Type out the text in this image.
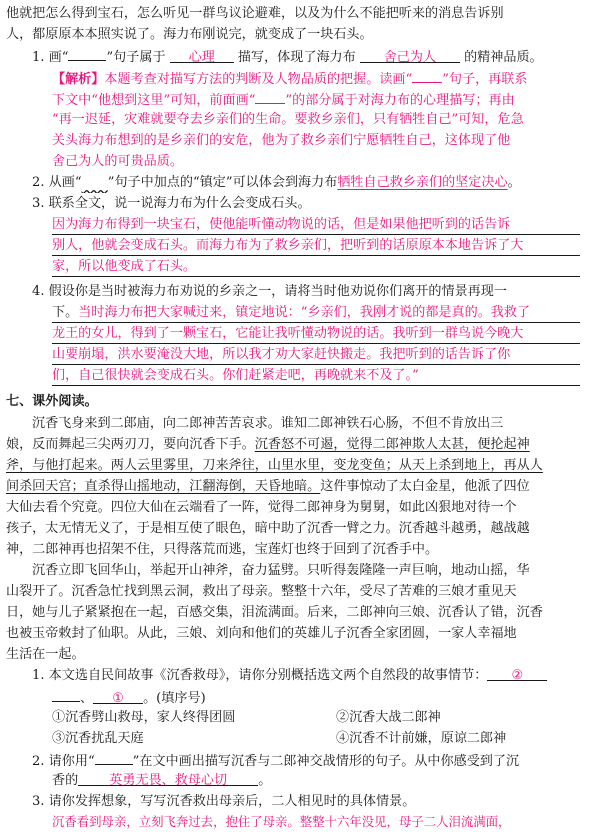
他就把怎么得到宝石，怎么听见一群鸟议论避难，以及为什么不能把听来的消息告诉别
人，都原原本本照实说了。海力布刚说完，就变成了一块石头。
1. 画“	”句子属于 心理 描写，体现了海力布 舍己为人 的精神品质。
【解析】本题考查对描写方法的判断及人物品质的把握。读画“ ”句子，再联系
下文中“他想到这里”可知，前面画“ ”的部分属于对海力布的心理描写；再由
“再一迟延，灾难就要夺去乡亲们的生命。要救乡亲们，只有牺牲自己”可知，危急
关头海力布想到的是乡亲们的安危，他为了救乡亲们宁愿牺牲自己，这体现了他
舍己为人的可贵品质。
2. 从画“　　 ”句子中加点的“镇定”可以体会到海力布牺牲自己救乡亲们的坚定决心。
3. 联系全文，说一说海力布为什么会变成石头。
因为海力布得到一块宝石，使他能听懂动物说的话，但是如果他把听到的话告诉
别人，他就会变成石头。而海力布为了救乡亲们，把听到的话原原本本地告诉了大
家，所以他变成了石头。
4. 假设你是当时被海力布劝说的乡亲之一，请将当时他劝说你们离开的情景再现一
下。当时海力布把大家喊过来，镇定地说：“乡亲们，我刚才说的都是真的。我救了
龙王的女儿，得到了一颗宝石，它能让我听懂动物说的话。我听到一群鸟说今晚大
山要崩塌，洪水要淹没大地，所以我才劝大家赶快搬走。我把听到的话告诉了你
们，自己很快就会变成石头。你们赶紧走吧，再晚就来不及了。”
七、课外阅读。
沉香飞身来到二郎庙，向二郎神苦苦哀求。谁知二郎神铁石心肠，不但不肯放出三
娘，反而舞起三尖两刃刀，要向沉香下手。沉香怒不可遏，觉得二郎神欺人太甚，便抡起神
斧，与他打起来。两人云里雾里，刀来斧往，山里水里，变龙变鱼；从天上杀到地上，再从人
间杀回天宫；直杀得山摇地动，江翻海倒，天昏地暗。这件事惊动了太白金星，他派了四位
大仙去看个究竟。四位大仙在云端看了一阵，觉得二郎神身为舅舅，如此凶狠地对待一个
孩子，太无情无义了，于是相互使了眼色，暗中助了沉香一臂之力。沉香越斗越勇，越战越
神，二郎神再也招架不住，只得落荒而逃，宝莲灯也终于回到了沉香手中。
沉香立即飞回华山，举起开山神斧，奋力猛劈。只听得轰隆隆一声巨响，地动山摇，华
山裂开了。沉香急忙找到黑云洞，救出了母亲。整整十六年，受尽了苦难的三娘才重见天
日，她与儿子紧紧抱在一起，百感交集，泪流满面。后来，二郎神向三娘、沉香认了错，沉香
也被玉帝敕封了仙职。从此，三娘、刘向和他们的英雄儿子沉香全家团圆，一家人幸福地
生活在一起。
1. 本文选自民间故事《沉香救母》，请你分别概括选文两个自然段的故事情节： ②
、 ① 。(填序号)
①沉香劈山救母，家人终得团圆	②沉香大战二郎神
③沉香扰乱天庭	④沉香不计前嫌，原谅二郎神
2. 请你用“	”在文中画出描写沉香与二郎神交战情形的句子。从中你感受到了沉
香的 英勇无畏、救母心切 。
3. 请你发挥想象，写写沉香救出母亲后，二人相见时的具体情景。
沉香看到母亲，立刻飞奔过去，抱住了母亲。整整十六年没见，母子二人泪流满面，
